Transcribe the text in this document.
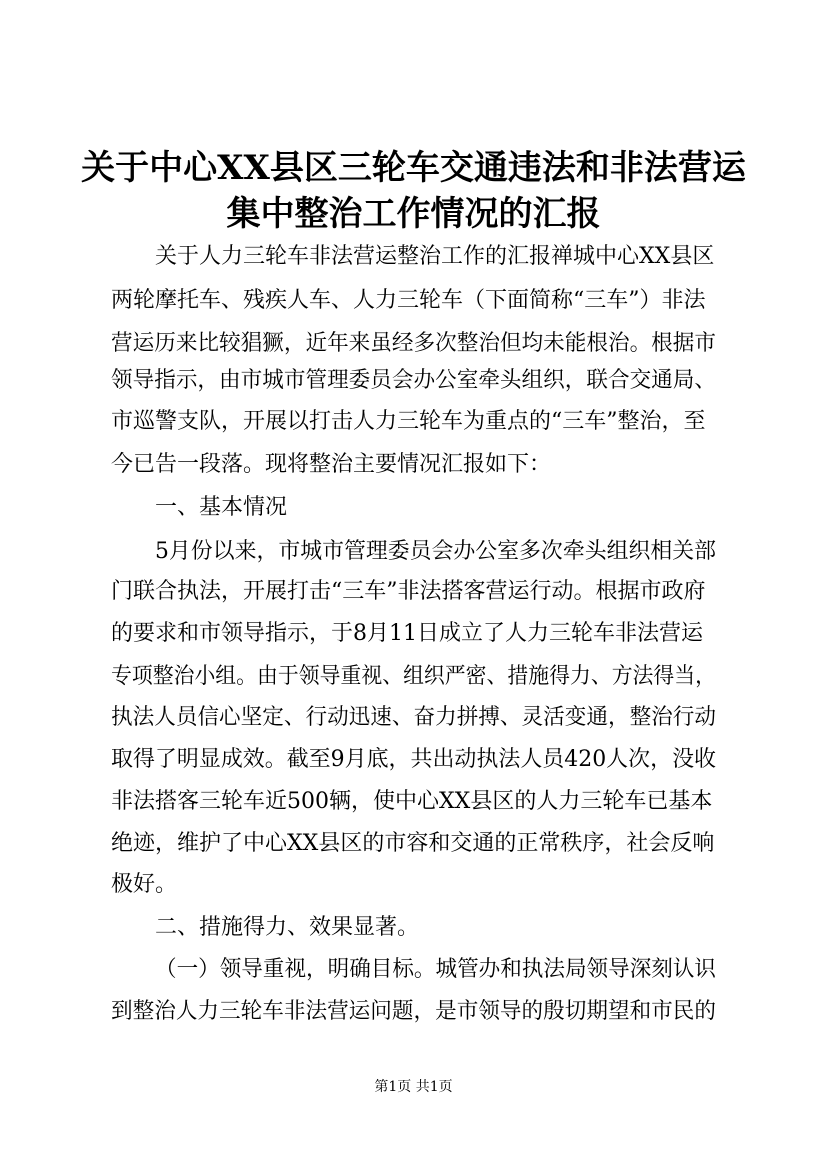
关于中心XX县区三轮车交通违法和非法营运
集中整治工作情况的汇报
关于人力三轮车非法营运整治工作的汇报禅城中心XX县区
两轮摩托车、残疾人车、人力三轮车（下面简称“三车”）非法
营运历来比较猖獗，近年来虽经多次整治但均未能根治。根据市
领导指示，由市城市管理委员会办公室牵头组织，联合交通局、
市巡警支队，开展以打击人力三轮车为重点的“三车”整治，至
今已告一段落。现将整治主要情况汇报如下：
一、基本情况
5月份以来，市城市管理委员会办公室多次牵头组织相关部
门联合执法，开展打击“三车”非法搭客营运行动。根据市政府
的要求和市领导指示，于8月11日成立了人力三轮车非法营运
专项整治小组。由于领导重视、组织严密、措施得力、方法得当，
执法人员信心坚定、行动迅速、奋力拼搏、灵活变通，整治行动
取得了明显成效。截至9月底，共出动执法人员420人次，没收
非法搭客三轮车近500辆，使中心XX县区的人力三轮车已基本
绝迹，维护了中心XX县区的市容和交通的正常秩序，社会反响
极好。
二、措施得力、效果显著。
（一）领导重视，明确目标。城管办和执法局领导深刻认识
到整治人力三轮车非法营运问题，是市领导的殷切期望和市民的
第1页 共1页
